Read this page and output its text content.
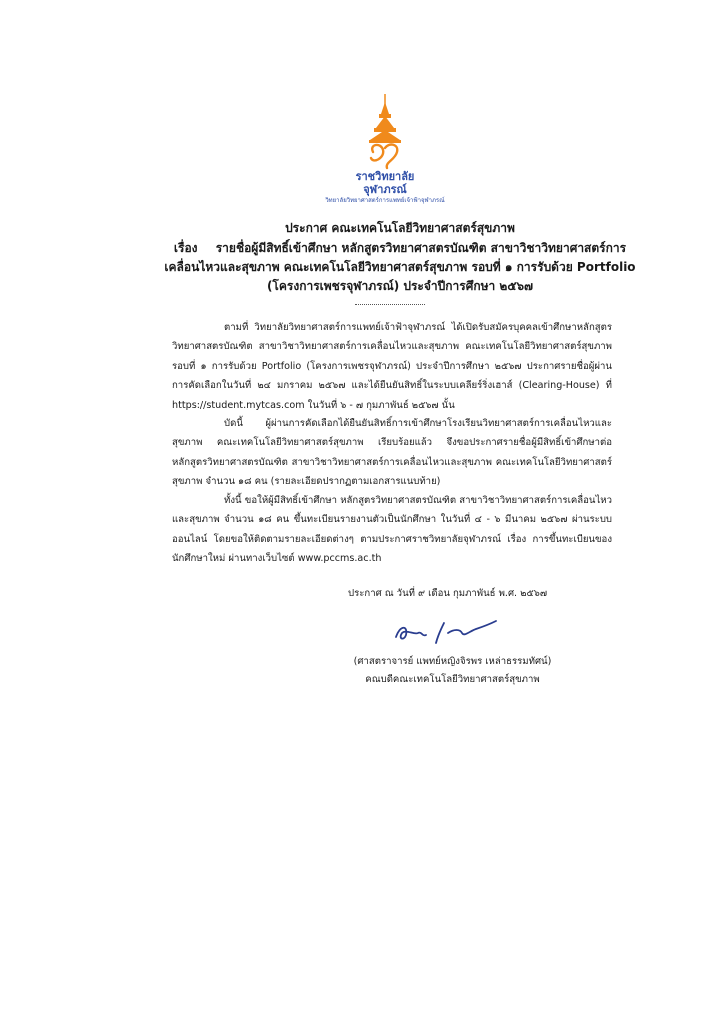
ราชวิทยาลัย
จุฬาภรณ์
วิทยาลัยวิทยาศาสตร์การแพทย์เจ้าฟ้าจุฬาภรณ์
ประกาศ คณะเทคโนโลยีวิทยาศาสตร์สุขภาพ
เรื่อง รายชื่อผู้มีสิทธิ์เข้าศึกษา หลักสูตรวิทยาศาสตรบัณฑิต สาขาวิชาวิทยาศาสตร์การ
เคลื่อนไหวและสุขภาพ คณะเทคโนโลยีวิทยาศาสตร์สุขภาพ รอบที่ ๑ การรับด้วย Portfolio
(โครงการเพชรจุฬาภรณ์) ประจำปีการศึกษา ๒๕๖๗
ตามที่ วิทยาลัยวิทยาศาสตร์การแพทย์เจ้าฟ้าจุฬาภรณ์ ได้เปิดรับสมัครบุคคลเข้าศึกษาหลักสูตรวิทยาศาสตรบัณฑิต สาขาวิชาวิทยาศาสตร์การเคลื่อนไหวและสุขภาพ คณะเทคโนโลยีวิทยาศาสตร์สุขภาพ รอบที่ ๑ การรับด้วย Portfolio (โครงการเพชรจุฬาภรณ์) ประจำปีการศึกษา ๒๕๖๗ ประกาศรายชื่อผู้ผ่านการคัดเลือกในวันที่ ๒๔ มกราคม ๒๕๖๗ และได้ยืนยันสิทธิ์ในระบบเคลียร์ริ่งเฮาส์ (Clearing-House) ที่ https://student.mytcas.com ในวันที่ ๖ - ๗ กุมภาพันธ์ ๒๕๖๗ นั้น
บัดนี้ ผู้ผ่านการคัดเลือกได้ยืนยันสิทธิ์การเข้าศึกษาโรงเรียนวิทยาศาสตร์การเคลื่อนไหวและสุขภาพ คณะเทคโนโลยีวิทยาศาสตร์สุขภาพ เรียบร้อยแล้ว จึงขอประกาศรายชื่อผู้มีสิทธิ์เข้าศึกษาต่อหลักสูตรวิทยาศาสตรบัณฑิต สาขาวิชาวิทยาศาสตร์การเคลื่อนไหวและสุขภาพ คณะเทคโนโลยีวิทยาศาสตร์สุขภาพ จำนวน ๑๘ คน (รายละเอียดปรากฏตามเอกสารแนบท้าย)
ทั้งนี้ ขอให้ผู้มีสิทธิ์เข้าศึกษา หลักสูตรวิทยาศาสตรบัณฑิต สาขาวิชาวิทยาศาสตร์การเคลื่อนไหวและสุขภาพ จำนวน ๑๘ คน ขึ้นทะเบียนรายงานตัวเป็นนักศึกษา ในวันที่ ๔ - ๖ มีนาคม ๒๕๖๗ ผ่านระบบออนไลน์ โดยขอให้ติดตามรายละเอียดต่างๆ ตามประกาศราชวิทยาลัยจุฬาภรณ์ เรื่อง การขึ้นทะเบียนของนักศึกษาใหม่ ผ่านทางเว็บไซต์ www.pccms.ac.th
ประกาศ ณ วันที่ ๙ เดือน กุมภาพันธ์ พ.ศ. ๒๕๖๗
(ศาสตราจารย์ แพทย์หญิงจิรพร เหล่าธรรมทัศน์)
คณบดีคณะเทคโนโลยีวิทยาศาสตร์สุขภาพ
